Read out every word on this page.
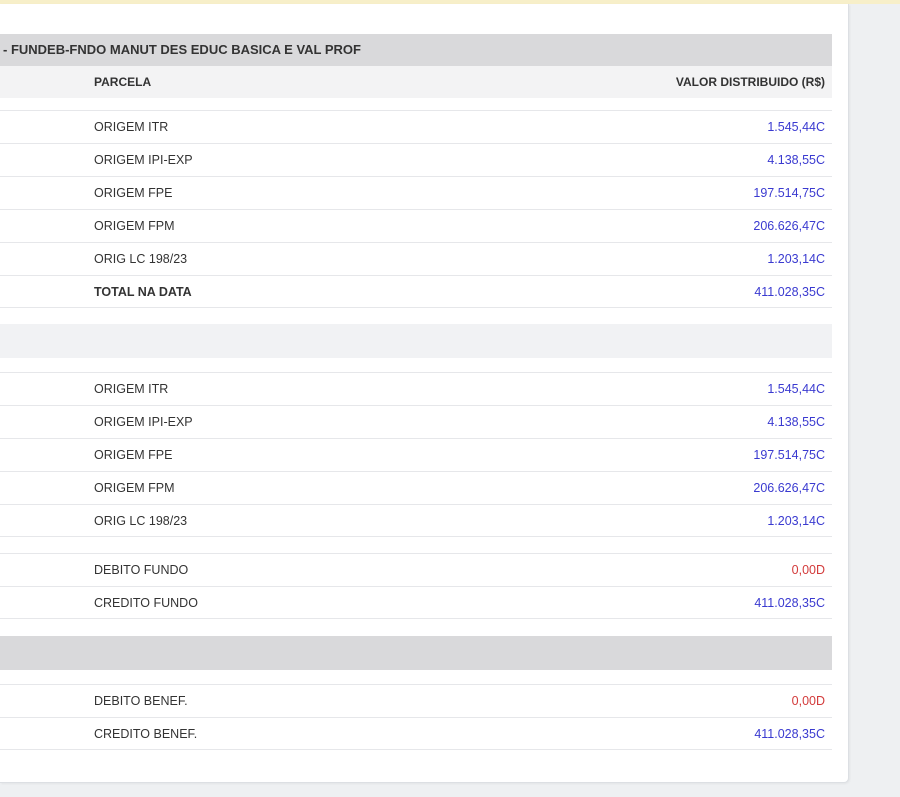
- FUNDEB-FNDO MANUT DES EDUC BASICA E VAL PROF
PARCELA	VALOR DISTRIBUIDO (R$)
ORIGEM ITR	1.545,44C
ORIGEM IPI-EXP	4.138,55C
ORIGEM FPE	197.514,75C
ORIGEM FPM	206.626,47C
ORIG LC 198/23	1.203,14C
TOTAL NA DATA	411.028,35C
ORIGEM ITR	1.545,44C
ORIGEM IPI-EXP	4.138,55C
ORIGEM FPE	197.514,75C
ORIGEM FPM	206.626,47C
ORIG LC 198/23	1.203,14C
DEBITO FUNDO	0,00D
CREDITO FUNDO	411.028,35C
DEBITO BENEF.	0,00D
CREDITO BENEF.	411.028,35C
